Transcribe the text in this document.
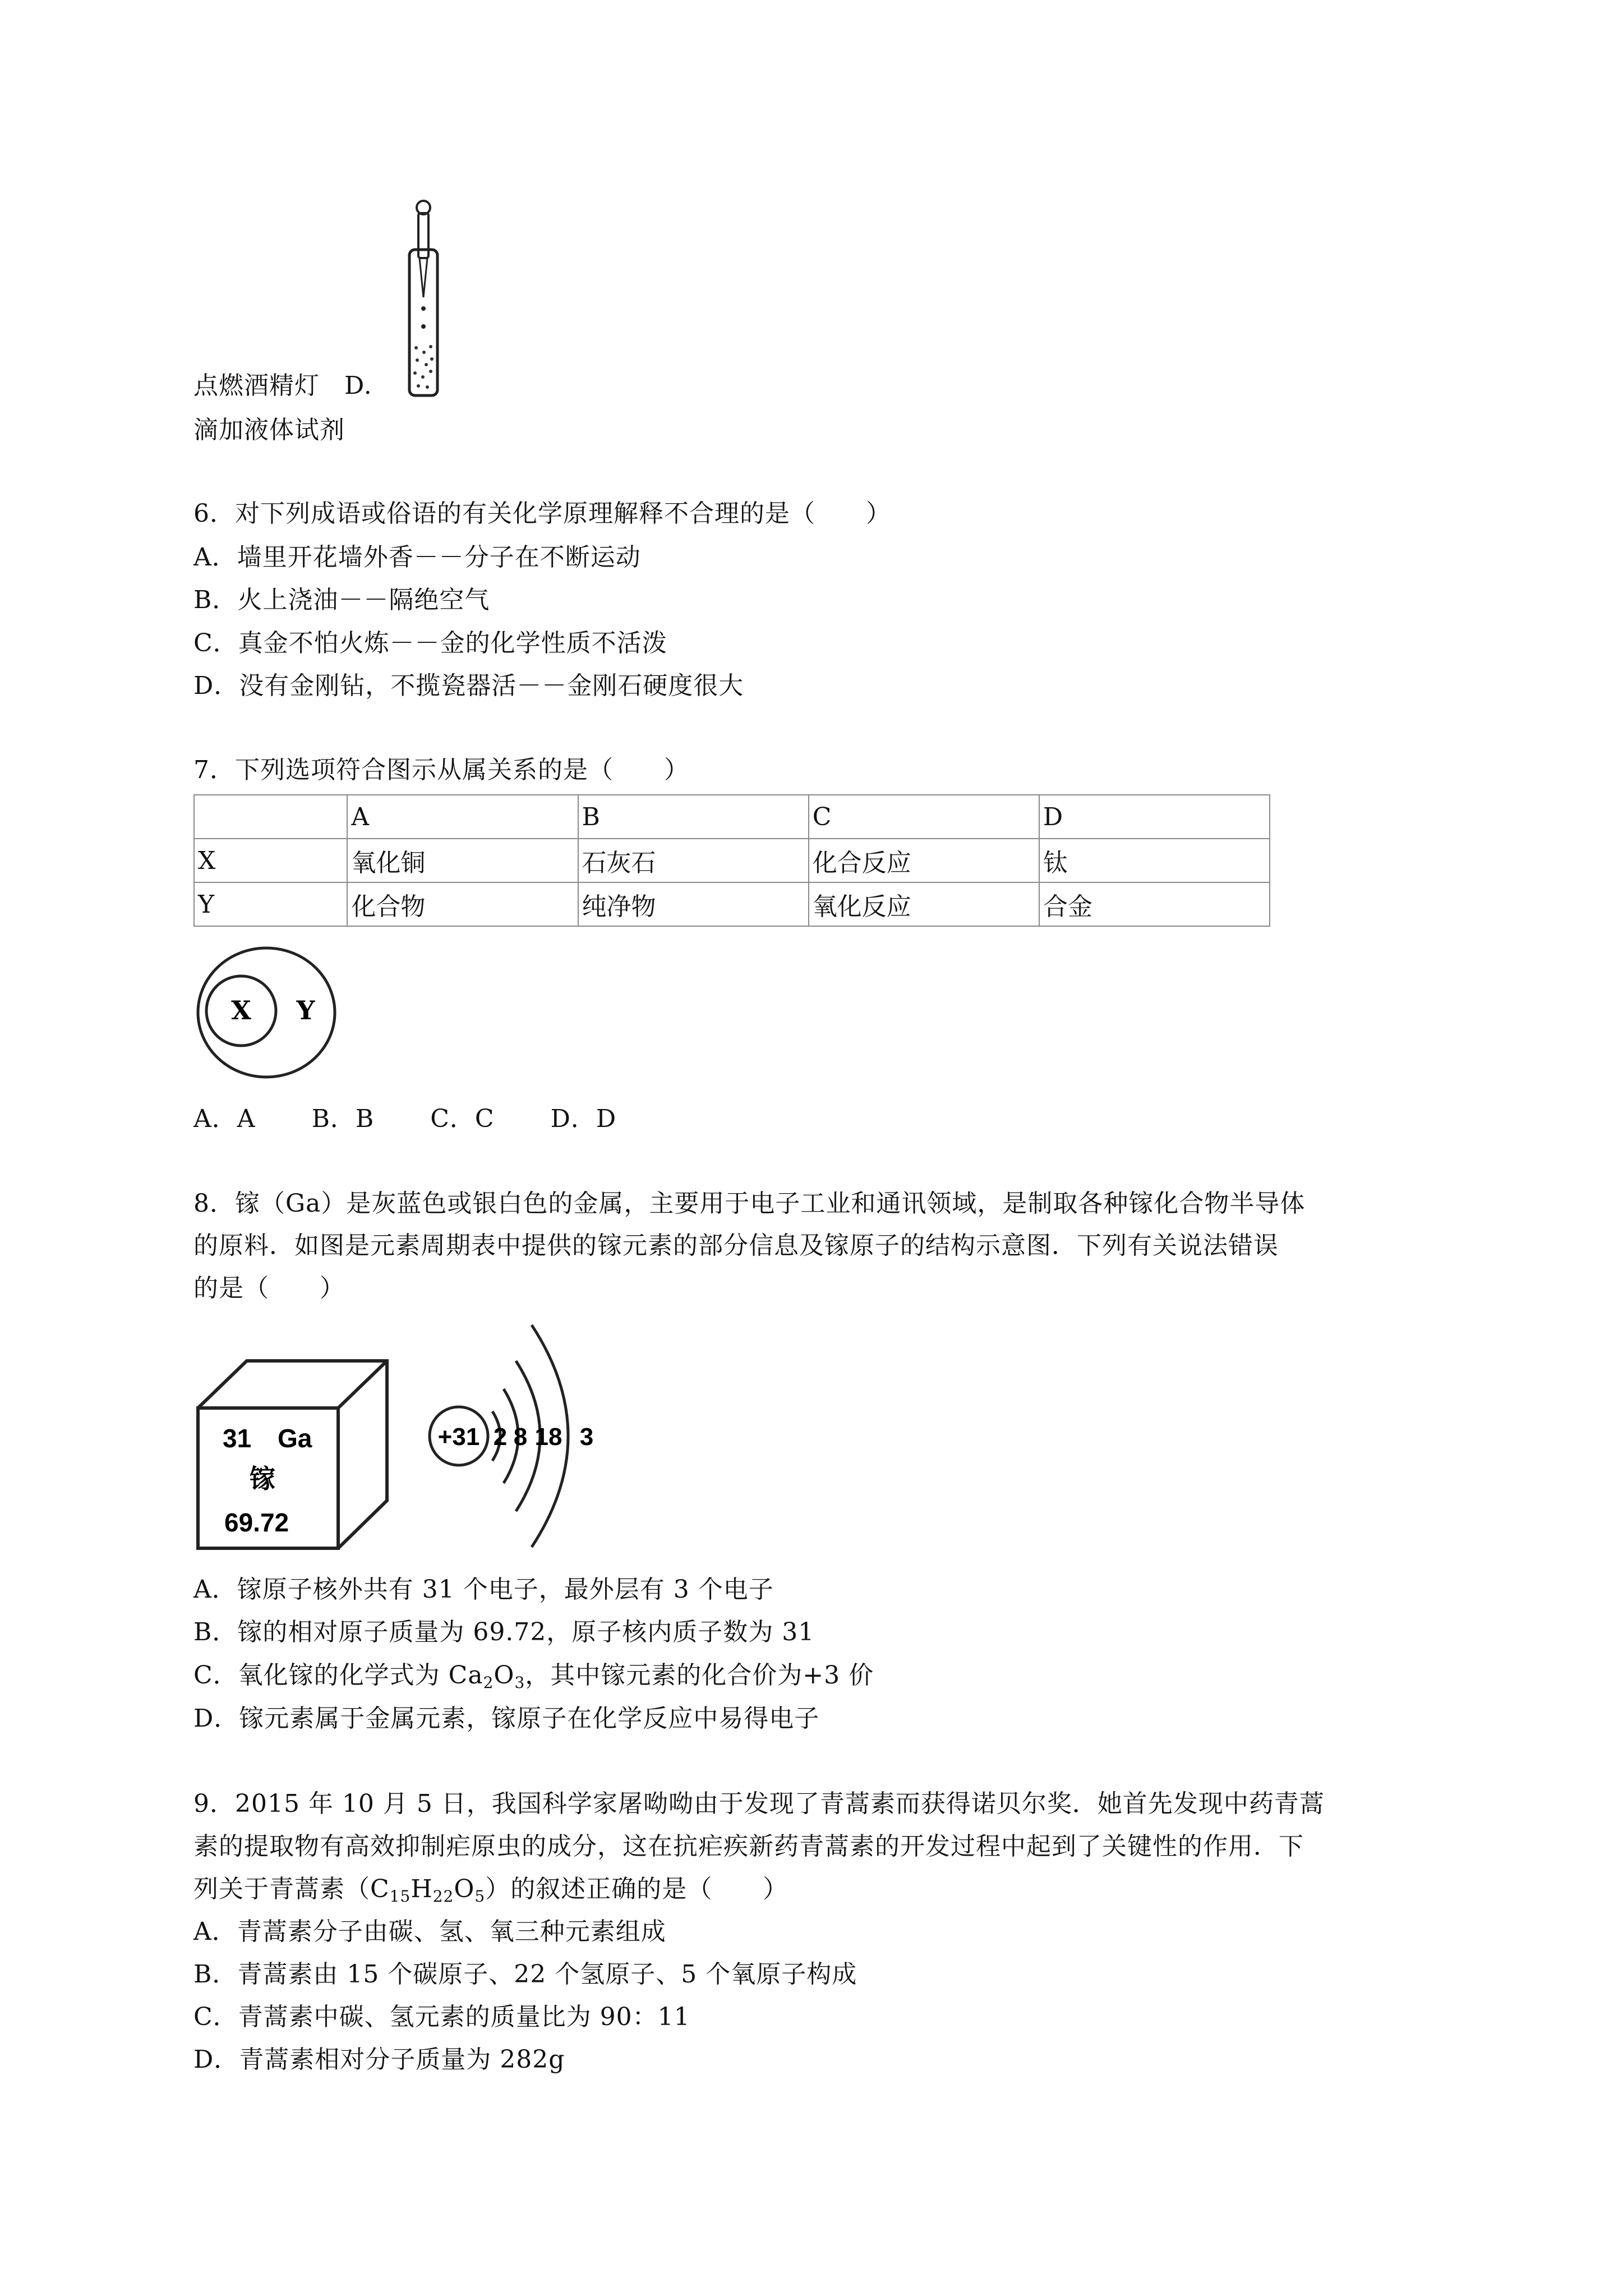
点燃酒精灯 D.
滴加液体试剂
6．对下列成语或俗语的有关化学原理解释不合理的是（　　）
A．墙里开花墙外香－－分子在不断运动
B．火上浇油－－隔绝空气
C．真金不怕火炼－－金的化学性质不活泼
D．没有金刚钻，不揽瓷器活－－金刚石硬度很大
7．下列选项符合图示从属关系的是（　　）
	A	B	C	D
X	氧化铜	石灰石	化合反应	钛
Y	化合物	纯净物	氧化反应	合金
X Y
A．A B．B C．C D．D
8．镓（Ga）是灰蓝色或银白色的金属，主要用于电子工业和通讯领域，是制取各种镓化合物半导体
的原料．如图是元素周期表中提供的镓元素的部分信息及镓原子的结构示意图．下列有关说法错误
的是（　　）
31 Ga
镓
69.72
+31 2 8 18 3
A．镓原子核外共有 31 个电子，最外层有 3 个电子
B．镓的相对原子质量为 69.72，原子核内质子数为 31
C．氧化镓的化学式为 $Ca_2O_3$，其中镓元素的化合价为+3 价
D．镓元素属于金属元素，镓原子在化学反应中易得电子
9．2015 年 10 月 5 日，我国科学家屠呦呦由于发现了青蒿素而获得诺贝尔奖．她首先发现中药青蒿
素的提取物有高效抑制疟原虫的成分，这在抗疟疾新药青蒿素的开发过程中起到了关键性的作用．下
列关于青蒿素$(C_{15}H_{22}O_5)$的叙述正确的是（　　）
A．青蒿素分子由碳、氢、氧三种元素组成
B．青蒿素由 15 个碳原子、22 个氢原子、5 个氧原子构成
C．青蒿素中碳、氢元素的质量比为 90：11
D．青蒿素相对分子质量为 282g
